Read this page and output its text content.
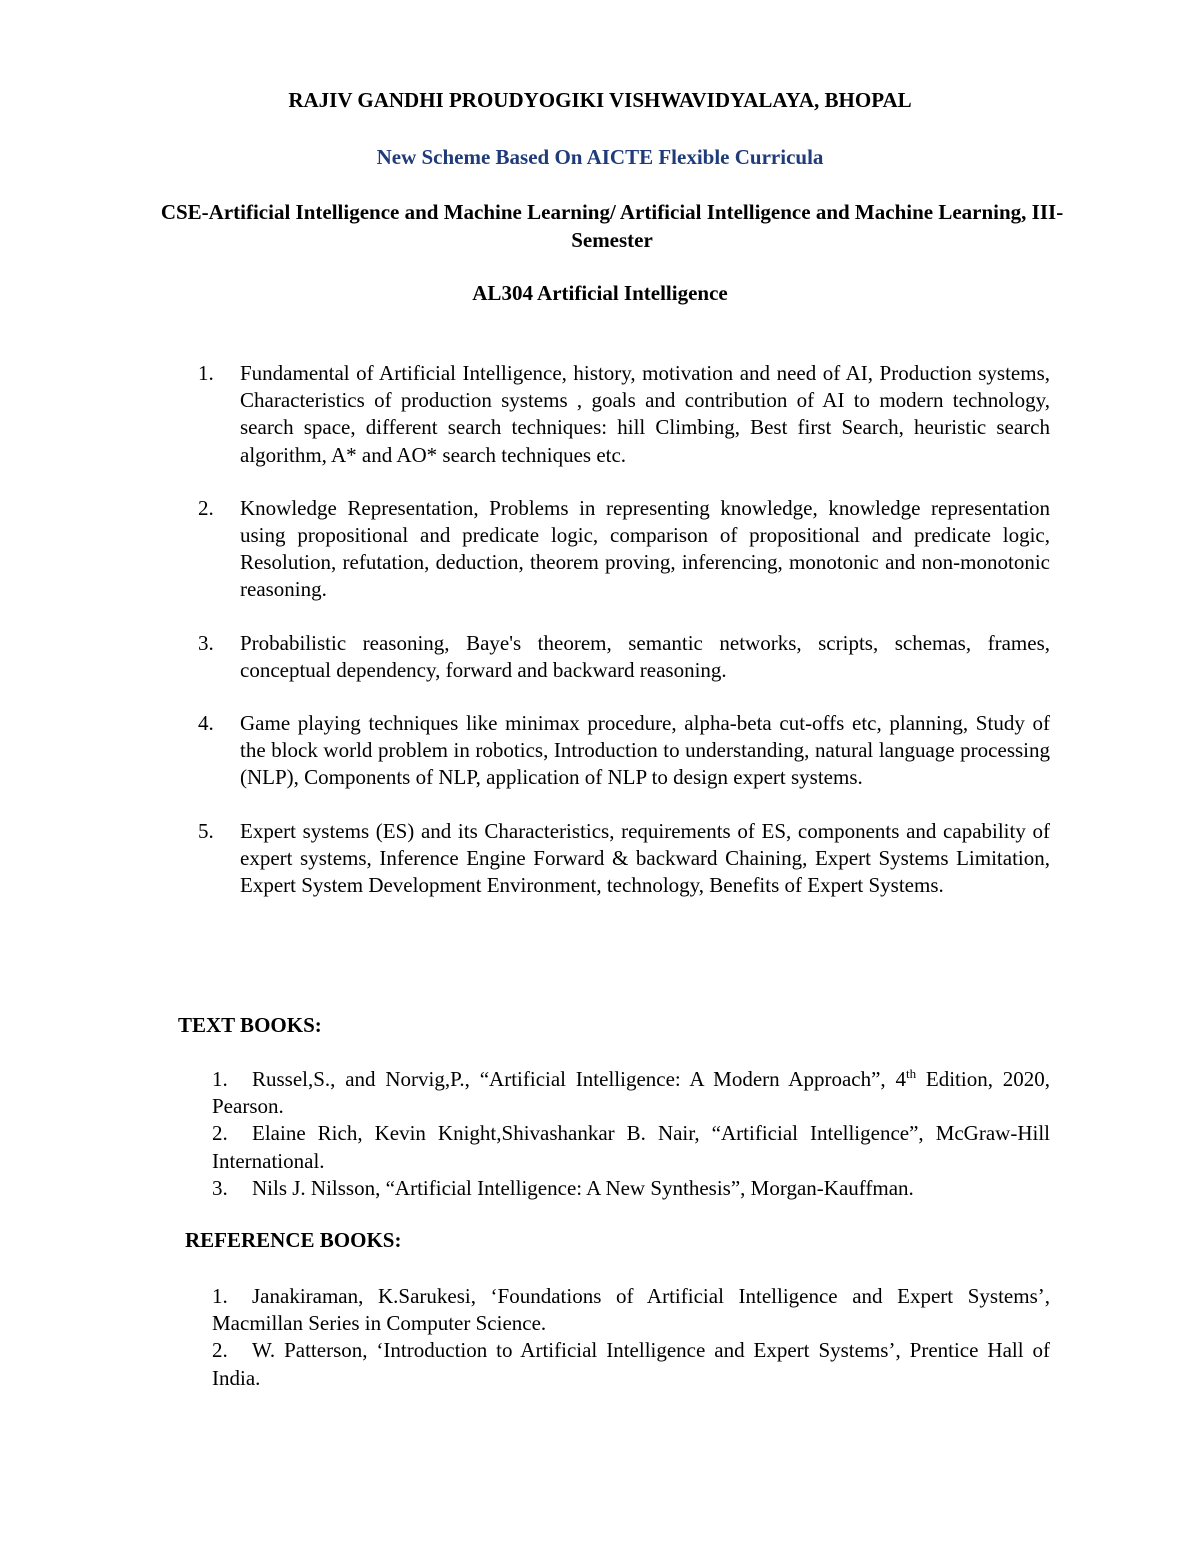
RAJIV GANDHI PROUDYOGIKI VISHWAVIDYALAYA, BHOPAL
New Scheme Based On AICTE Flexible Curricula
CSE-Artificial Intelligence and Machine Learning/ Artificial Intelligence and Machine Learning, III-Semester
AL304 Artificial Intelligence
1. Fundamental of Artificial Intelligence, history, motivation and need of AI, Production systems, Characteristics of production systems , goals and contribution of AI to modern technology, search space, different search techniques: hill Climbing, Best first Search, heuristic search algorithm, A* and AO* search techniques etc.
2. Knowledge Representation, Problems in representing knowledge, knowledge representation using propositional and predicate logic, comparison of propositional and predicate logic, Resolution, refutation, deduction, theorem proving, inferencing, monotonic and non-monotonic reasoning.
3. Probabilistic reasoning, Baye's theorem, semantic networks, scripts, schemas, frames, conceptual dependency, forward and backward reasoning.
4. Game playing techniques like minimax procedure, alpha-beta cut-offs etc, planning, Study of the block world problem in robotics, Introduction to understanding, natural language processing (NLP), Components of NLP, application of NLP to design expert systems.
5. Expert systems (ES) and its Characteristics, requirements of ES, components and capability of expert systems, Inference Engine Forward & backward Chaining, Expert Systems Limitation, Expert System Development Environment, technology, Benefits of Expert Systems.
TEXT BOOKS:
1. Russel,S., and Norvig,P., “Artificial Intelligence: A Modern Approach”, 4th Edition, 2020, Pearson.
2. Elaine Rich, Kevin Knight,Shivashankar B. Nair, “Artificial Intelligence”, McGraw-Hill International.
3. Nils J. Nilsson, “Artificial Intelligence: A New Synthesis”, Morgan-Kauffman.
REFERENCE BOOKS:
1. Janakiraman, K.Sarukesi, ‘Foundations of Artificial Intelligence and Expert Systems’, Macmillan Series in Computer Science.
2. W. Patterson, ‘Introduction to Artificial Intelligence and Expert Systems’, Prentice Hall of India.
